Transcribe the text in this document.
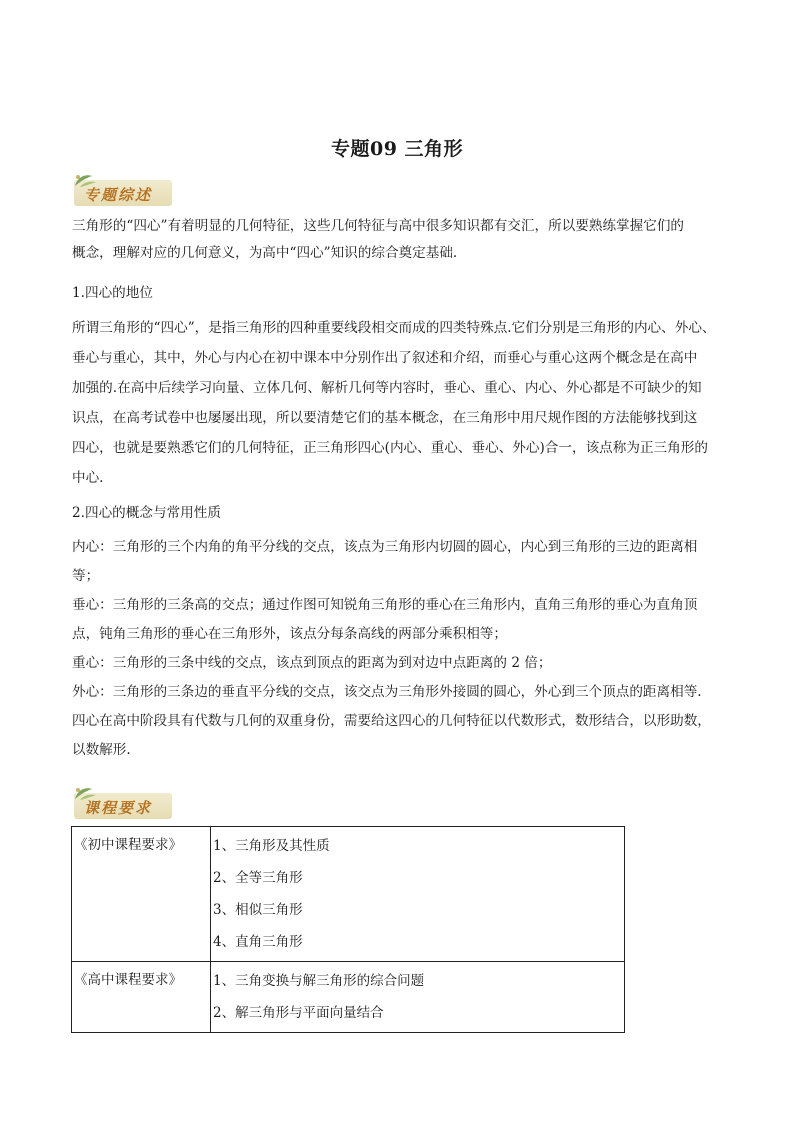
专题09 三角形
专题综述

三角形的“四心”有着明显的几何特征，这些几何特征与高中很多知识都有交汇，所以要熟练掌握它们的

概念，理解对应的几何意义，为高中“四心”知识的综合奠定基础.

1.四心的地位

所谓三角形的“四心”，是指三角形的四种重要线段相交而成的四类特殊点.它们分别是三角形的内心、外心、

垂心与重心，其中，外心与内心在初中课本中分别作出了叙述和介绍，而垂心与重心这两个概念是在高中

加强的.在高中后续学习向量、立体几何、解析几何等内容时，垂心、重心、内心、外心都是不可缺少的知

识点，在高考试卷中也屡屡出现，所以要清楚它们的基本概念，在三角形中用尺规作图的方法能够找到这

四心，也就是要熟悉它们的几何特征，正三角形四心(内心、重心、垂心、外心)合一，该点称为正三角形的

中心.

2.四心的概念与常用性质

内心：三角形的三个内角的角平分线的交点，该点为三角形内切圆的圆心，内心到三角形的三边的距离相

等；

垂心：三角形的三条高的交点；通过作图可知锐角三角形的垂心在三角形内，直角三角形的垂心为直角顶

点，钝角三角形的垂心在三角形外，该点分每条高线的两部分乘积相等；

重心：三角形的三条中线的交点，该点到顶点的距离为到对边中点距离的 2 倍；

外心：三角形的三条边的垂直平分线的交点，该交点为三角形外接圆的圆心，外心到三个顶点的距离相等.

四心在高中阶段具有代数与几何的双重身份，需要给这四心的几何特征以代数形式，数形结合，以形助数，

以数解形.

课程要求
《初中课程要求》	1、三角形及其性质
2、全等三角形
3、相似三角形
4、直角三角形

《高中课程要求》	1、三角变换与解三角形的综合问题
2、解三角形与平面向量结合
